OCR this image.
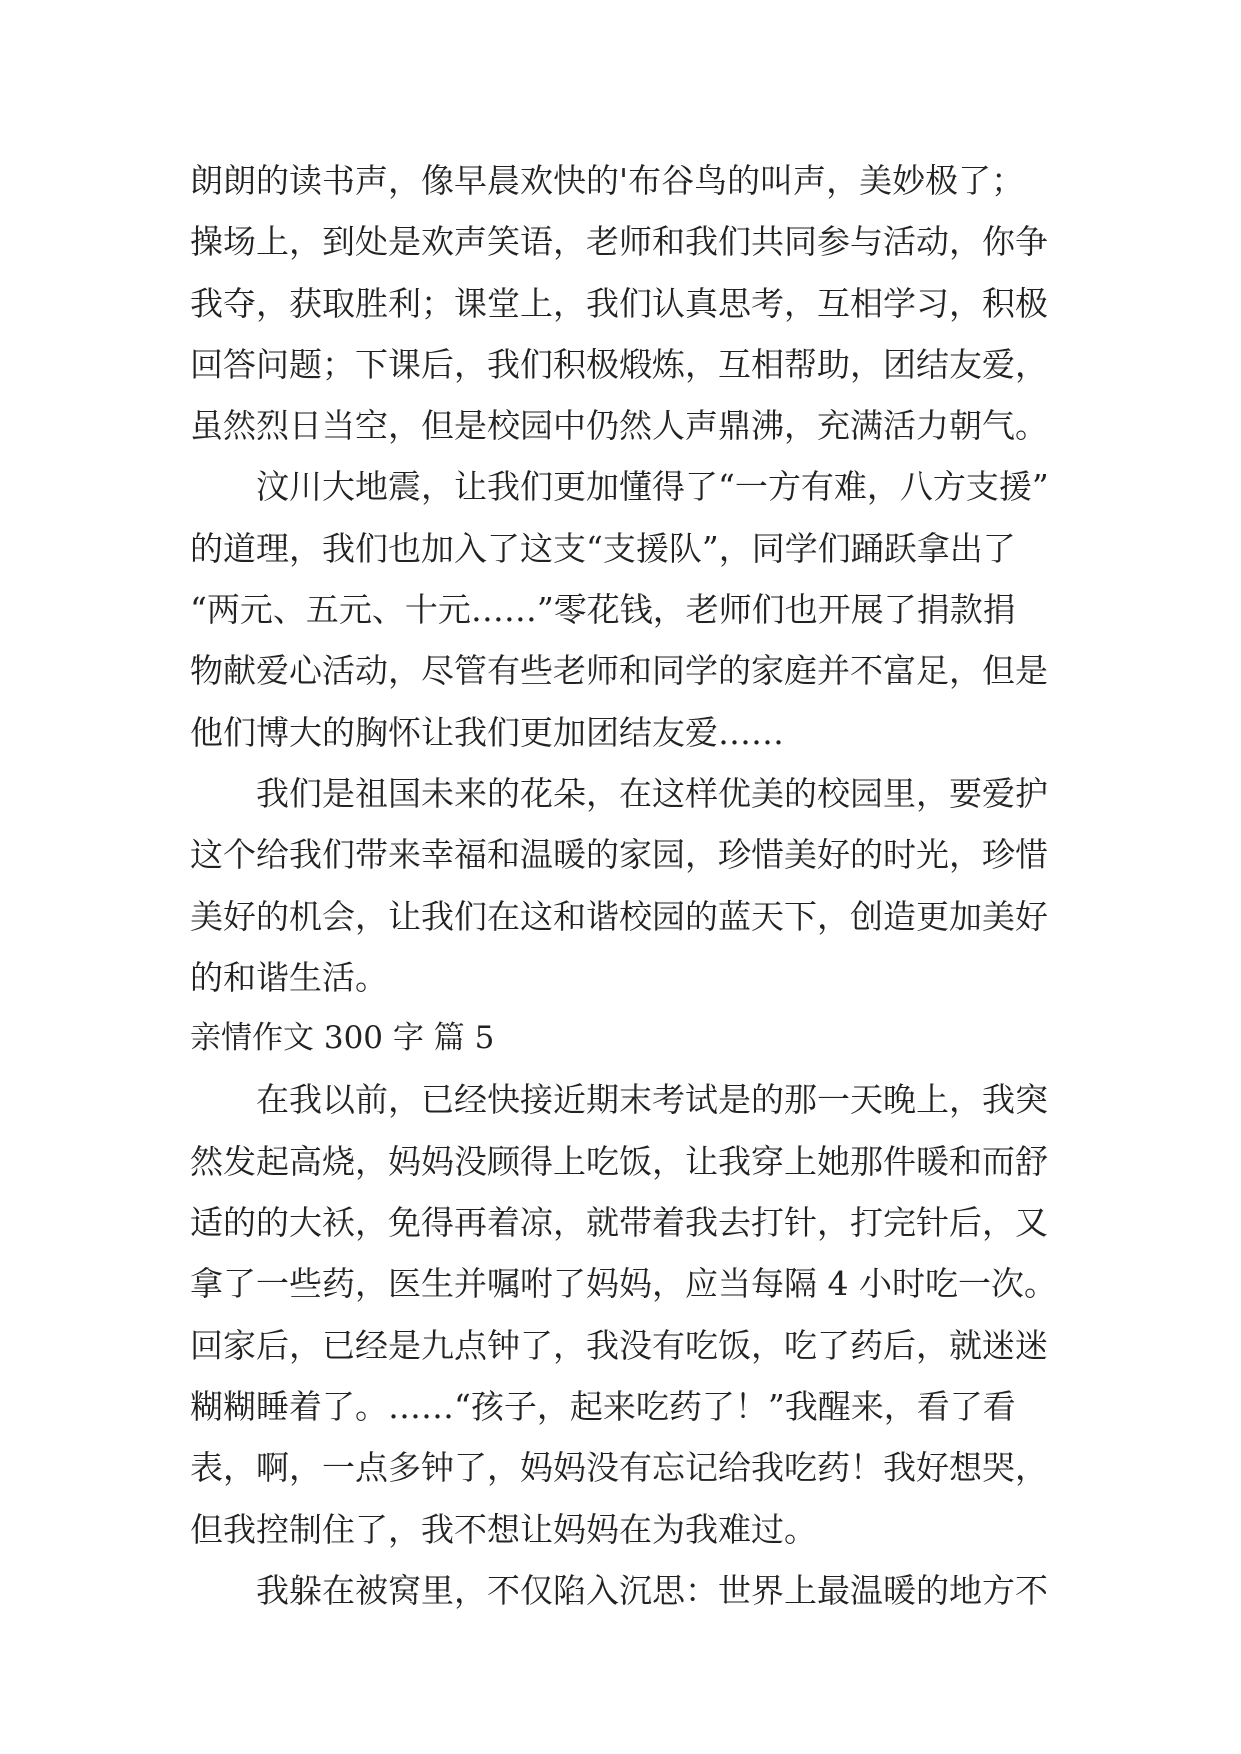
朗朗的读书声，像早晨欢快的'布谷鸟的叫声，美妙极了；
操场上，到处是欢声笑语，老师和我们共同参与活动，你争
我夺，获取胜利；课堂上，我们认真思考，互相学习，积极
回答问题；下课后，我们积极煅炼，互相帮助，团结友爱，
虽然烈日当空，但是校园中仍然人声鼎沸，充满活力朝气。
汶川大地震，让我们更加懂得了“一方有难，八方支援”
的道理，我们也加入了这支“支援队”，同学们踊跃拿出了
“两元、五元、十元……”零花钱，老师们也开展了捐款捐
物献爱心活动，尽管有些老师和同学的家庭并不富足，但是
他们博大的胸怀让我们更加团结友爱……
我们是祖国未来的花朵，在这样优美的校园里，要爱护
这个给我们带来幸福和温暖的家园，珍惜美好的时光，珍惜
美好的机会，让我们在这和谐校园的蓝天下，创造更加美好
的和谐生活。
亲情作文 300 字 篇 5
在我以前，已经快接近期末考试是的那一天晚上，我突
然发起高烧，妈妈没顾得上吃饭，让我穿上她那件暖和而舒
适的的大袄，免得再着凉，就带着我去打针，打完针后，又
拿了一些药，医生并嘱咐了妈妈，应当每隔 4 小时吃一次。
回家后，已经是九点钟了，我没有吃饭，吃了药后，就迷迷
糊糊睡着了。……“孩子，起来吃药了！”我醒来，看了看
表，啊，一点多钟了，妈妈没有忘记给我吃药！我好想哭，
但我控制住了，我不想让妈妈在为我难过。
我躲在被窝里，不仅陷入沉思：世界上最温暖的地方不
